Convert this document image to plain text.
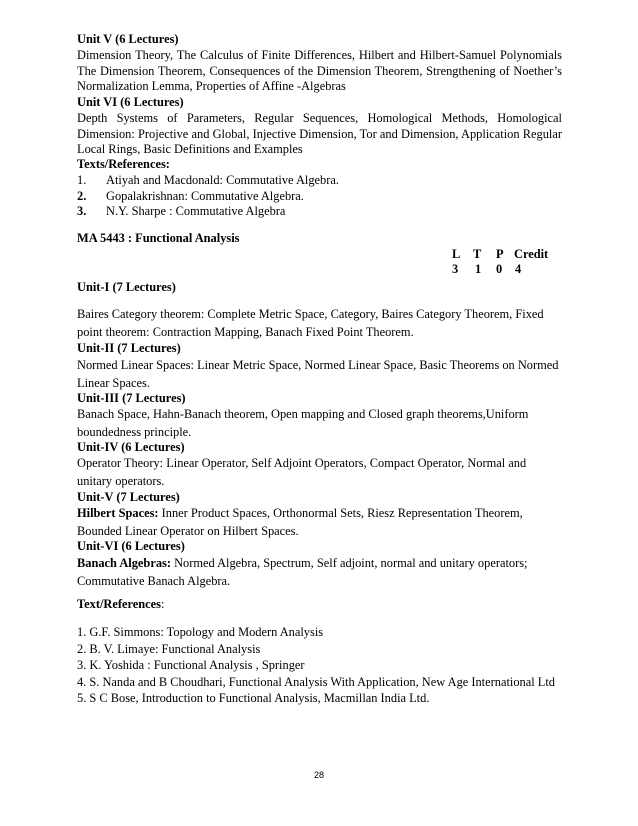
Unit V (6 Lectures)
Dimension Theory, The Calculus of Finite Differences, Hilbert and Hilbert-Samuel Polynomials The Dimension Theorem, Consequences of the Dimension Theorem, Strengthening of Noether’s Normalization Lemma, Properties of Affine -Algebras
Unit VI (6 Lectures)
Depth Systems of Parameters, Regular Sequences, Homological Methods, Homological Dimension: Projective and Global, Injective Dimension, Tor and Dimension, Application Regular Local Rings, Basic Definitions and Examples
Texts/References:
1. Atiyah and Macdonald: Commutative Algebra.
2. Gopalakrishnan: Commutative Algebra.
3. N.Y. Sharpe : Commutative Algebra
MA 5443 : Functional Analysis
L T P Credit
3 1 0 4
Unit-I (7 Lectures)
Baires Category theorem: Complete Metric Space, Category, Baires Category Theorem, Fixed point theorem: Contraction Mapping, Banach Fixed Point Theorem.
Unit-II (7 Lectures)
Normed Linear Spaces: Linear Metric Space, Normed Linear Space, Basic Theorems on Normed Linear Spaces.
Unit-III (7 Lectures)
Banach Space, Hahn-Banach theorem, Open mapping and Closed graph theorems,Uniform boundedness principle.
Unit-IV (6 Lectures)
Operator Theory: Linear Operator, Self Adjoint Operators, Compact Operator, Normal and unitary operators.
Unit-V (7 Lectures)
Hilbert Spaces: Inner Product Spaces, Orthonormal Sets, Riesz Representation Theorem, Bounded Linear Operator on Hilbert Spaces.
Unit-VI (6 Lectures)
Banach Algebras: Normed Algebra, Spectrum, Self adjoint, normal and unitary operators; Commutative Banach Algebra.
Text/References:
1. G.F. Simmons: Topology and Modern Analysis
2. B. V. Limaye: Functional Analysis
3. K. Yoshida : Functional Analysis , Springer
4. S. Nanda and B Choudhari, Functional Analysis With Application, New Age International Ltd
5. S C Bose, Introduction to Functional Analysis, Macmillan India Ltd.
28
